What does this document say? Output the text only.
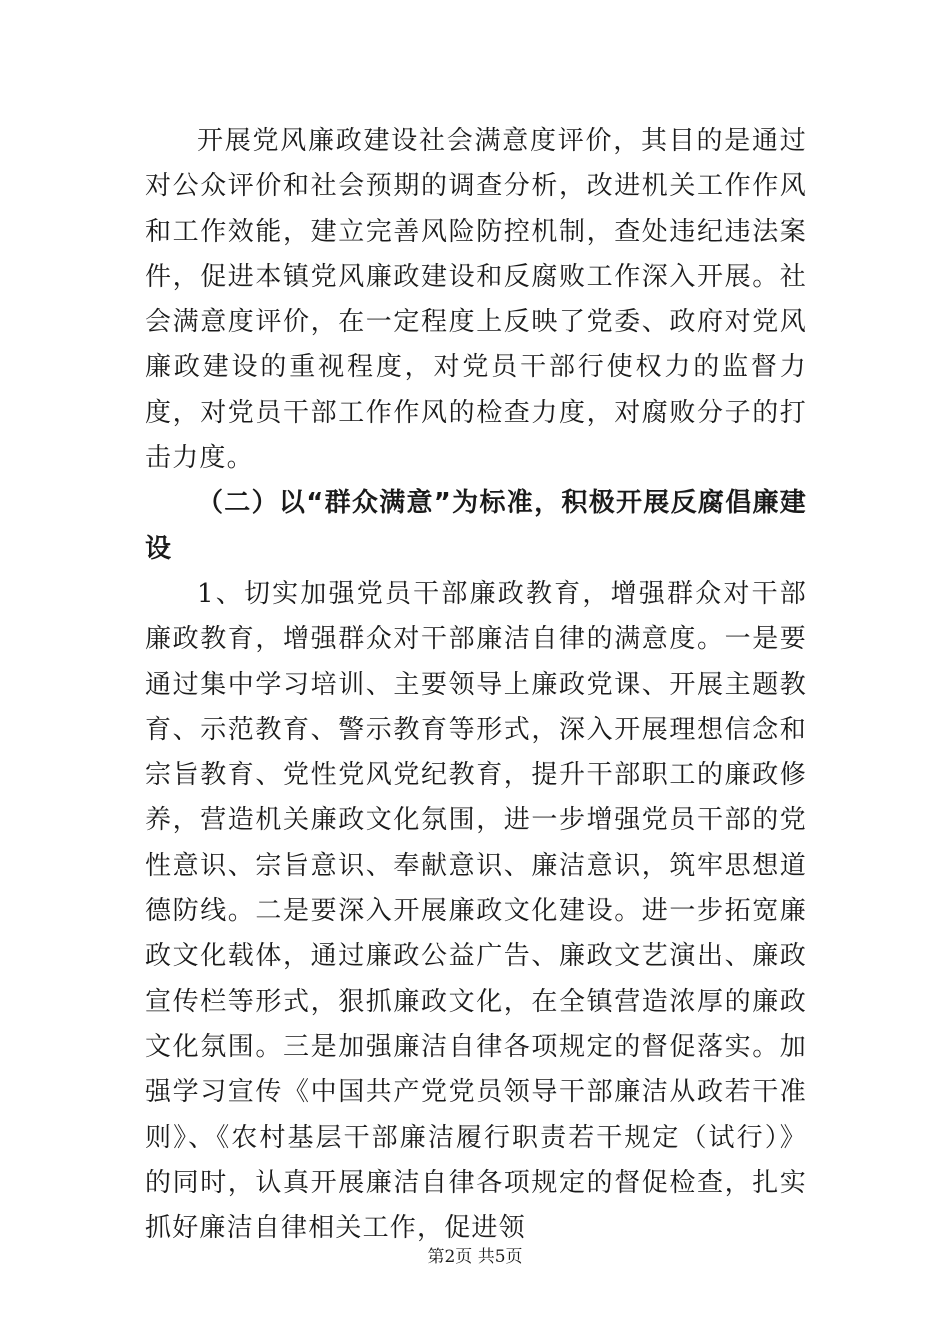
开展党风廉政建设社会满意度评价，其目的是通过对公众评价和社会预期的调查分析，改进机关工作作风和工作效能，建立完善风险防控机制，查处违纪违法案件，促进本镇党风廉政建设和反腐败工作深入开展。社会满意度评价，在一定程度上反映了党委、政府对党风廉政建设的重视程度，对党员干部行使权力的监督力度，对党员干部工作作风的检查力度，对腐败分子的打击力度。

（二）以“群众满意”为标准，积极开展反腐倡廉建设

1、切实加强党员干部廉政教育，增强群众对干部廉政教育，增强群众对干部廉洁自律的满意度。一是要通过集中学习培训、主要领导上廉政党课、开展主题教育、示范教育、警示教育等形式，深入开展理想信念和宗旨教育、党性党风党纪教育，提升干部职工的廉政修养，营造机关廉政文化氛围，进一步增强党员干部的党性意识、宗旨意识、奉献意识、廉洁意识，筑牢思想道德防线。二是要深入开展廉政文化建设。进一步拓宽廉政文化载体，通过廉政公益广告、廉政文艺演出、廉政宣传栏等形式，狠抓廉政文化，在全镇营造浓厚的廉政文化氛围。三是加强廉洁自律各项规定的督促落实。加强学习宣传《中国共产党党员领导干部廉洁从政若干准则》、《农村基层干部廉洁履行职责若干规定（试行）》的同时，认真开展廉洁自律各项规定的督促检查，扎实抓好廉洁自律相关工作，促进领

第2页 共5页
